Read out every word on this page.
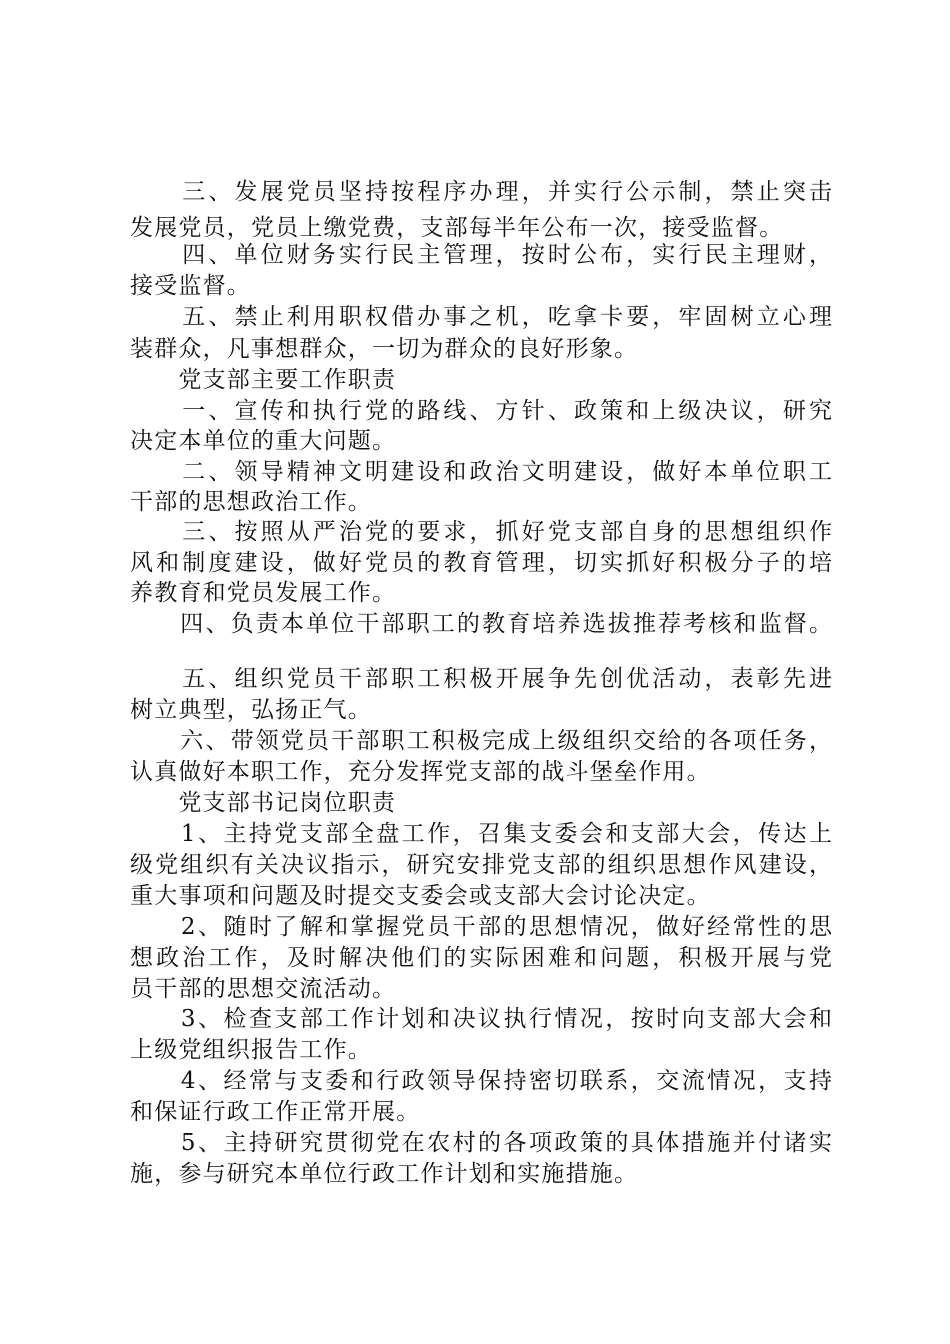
　　三、发展党员坚持按程序办理，并实行公示制，禁止突击
发展党员，党员上缴党费，支部每半年公布一次，接受监督。
　　四、单位财务实行民主管理，按时公布，实行民主理财，
接受监督。
　　五、禁止利用职权借办事之机，吃拿卡要，牢固树立心理
装群众，凡事想群众，一切为群众的良好形象。
　　党支部主要工作职责
　　一、宣传和执行党的路线、方针、政策和上级决议，研究
决定本单位的重大问题。
　　二、领导精神文明建设和政治文明建设，做好本单位职工
干部的思想政治工作。
　　三、按照从严治党的要求，抓好党支部自身的思想组织作
风和制度建设，做好党员的教育管理，切实抓好积极分子的培
养教育和党员发展工作。
　　四、负责本单位干部职工的教育培养选拔推荐考核和监督。
　　五、组织党员干部职工积极开展争先创优活动，表彰先进
树立典型，弘扬正气。
　　六、带领党员干部职工积极完成上级组织交给的各项任务，
认真做好本职工作，充分发挥党支部的战斗堡垒作用。
　　党支部书记岗位职责
　　1、主持党支部全盘工作，召集支委会和支部大会，传达上
级党组织有关决议指示，研究安排党支部的组织思想作风建设，
重大事项和问题及时提交支委会或支部大会讨论决定。
　　2、随时了解和掌握党员干部的思想情况，做好经常性的思
想政治工作，及时解决他们的实际困难和问题，积极开展与党
员干部的思想交流活动。
　　3、检查支部工作计划和决议执行情况，按时向支部大会和
上级党组织报告工作。
　　4、经常与支委和行政领导保持密切联系，交流情况，支持
和保证行政工作正常开展。
　　5、主持研究贯彻党在农村的各项政策的具体措施并付诸实
施，参与研究本单位行政工作计划和实施措施。
